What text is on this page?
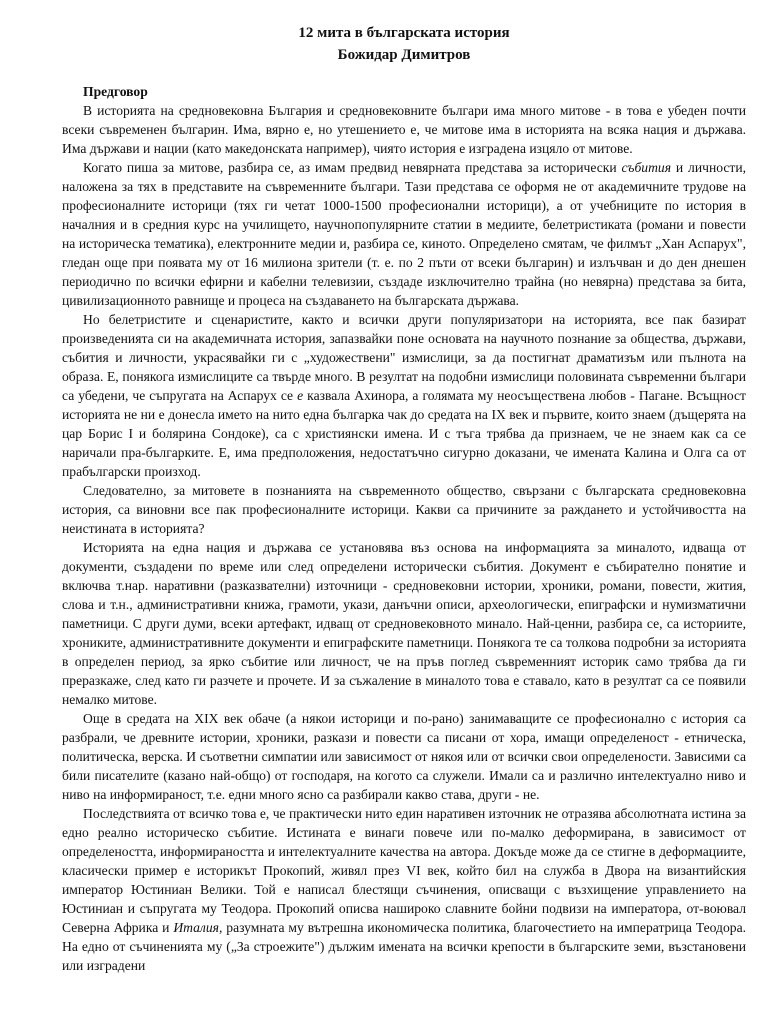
12 мита в българската история
Божидар Димитров
Предговор

В историята на средновековна България и средновековните българи има много митове - в това е убеден почти всеки съвременен българин. Има, вярно е, но утешението е, че митове има в историята на всяка нация и държава. Има държави и нации (като македонската например), чиято история е изградена изцяло от митове.

Когато пиша за митове, разбира се, аз имам предвид невярната представа за исторически събития и личности, наложена за тях в представите на съвременните българи. Тази представа се оформя не от академичните трудове на професионалните историци (тях ги четат 1000-1500 професионални историци), а от учебниците по история в началния и в средния курс на училището, научнопопулярните статии в медиите, белетристиката (романи и повести на историческа тематика), електронните медии и, разбира се, киното. Определено смятам, че филмът „Хан Аспарух", гледан още при появата му от 16 милиона зрители (т. е. по 2 пъти от всеки българин) и излъчван и до ден днешен периодично по всички ефирни и кабелни телевизии, създаде изключително трайна (но невярна) представа за бита, цивилизационното равнище и процеса на създаването на българската държава.

Но белетристите и сценаристите, както и всички други популяризатори на историята, все пак базират произведенията си на академичната история, запазвайки поне основата на научното познание за общества, държави, събития и личности, украсявайки ги с „художествени" измислици, за да постигнат драматизъм или пълнота на образа. Е, понякога измислиците са твърде много. В резултат на подобни измислици половината съвременни българи са убедени, че съпругата на Аспарух се е казвала Ахинора, а голямата му неосъществена любов - Пагане. Всъщност историята не ни е донесла името на нито една българка чак до средата на IX век и първите, които знаем (дъщерята на цар Борис I и болярина Сондоке), са с християнски имена. И с тъга трябва да признаем, че не знаем как са се наричали пра-българките. Е, има предположения, недостатъчно сигурно доказани, че имената Калина и Олга са от прабългарски произход.

Следователно, за митовете в познанията на съвременното общество, свързани с българската средновековна история, са виновни все пак професионалните историци. Какви са причините за раждането и устойчивостта на неистината в историята?

Историята на една нация и държава се установява въз основа на информацията за миналото, идваща от документи, създадени по време или след определени исторически събития. Документ е събирателно понятие и включва т.нар. наративни (разказвателни) източници - средновековни истории, хроники, романи, повести, жития, слова и т.н., административни книжа, грамоти, укази, данъчни описи, археологически, епиграфски и нумизматични паметници. С други думи, всеки артефакт, идващ от средновековното минало. Най-ценни, разбира се, са историите, хрониките, административните документи и епиграфските паметници. Понякога те са толкова подробни за историята в определен период, за ярко събитие или личност, че на пръв поглед съвременният историк само трябва да ги преразкаже, след като ги разчете и прочете. И за съжаление в миналото това е ставало, като в резултат са се появили немалко митове.

Още в средата на XIX век обаче (а някои историци и по-рано) занимаващите се професионално с история са разбрали, че древните истории, хроники, разкази и повести са писани от хора, имащи определеност - етническа, политическа, верска. И съответни симпатии или зависимост от някоя или от всички свои определености. Зависими са били писателите (казано най-общо) от господаря, на когото са служели. Имали са и различно интелектуално ниво и ниво на информираност, т.е. едни много ясно са разбирали какво става, други - не.

Последствията от всичко това е, че практически нито един наративен източник не отразява абсолютната истина за едно реално историческо събитие. Истината е винаги повече или по-малко деформирана, в зависимост от определеността, информираността и интелектуалните качества на автора. Докъде може да се стигне в деформациите, класически пример е историкът Прокопий, живял през VI век, който бил на служба в Двора на византийския император Юстиниан Велики. Той е написал блестящи съчинения, описващи с възхищение управлението на Юстиниан и съпругата му Теодора. Прокопий описва нашироко славните бойни подвизи на императора, от-воювал Северна Африка и Италия, разумната му вътрешна икономическа политика, благочестието на императрица Теодора. На едно от съчиненията му („За строежите") дължим имената на всички крепости в българските земи, възстановени или изградени
